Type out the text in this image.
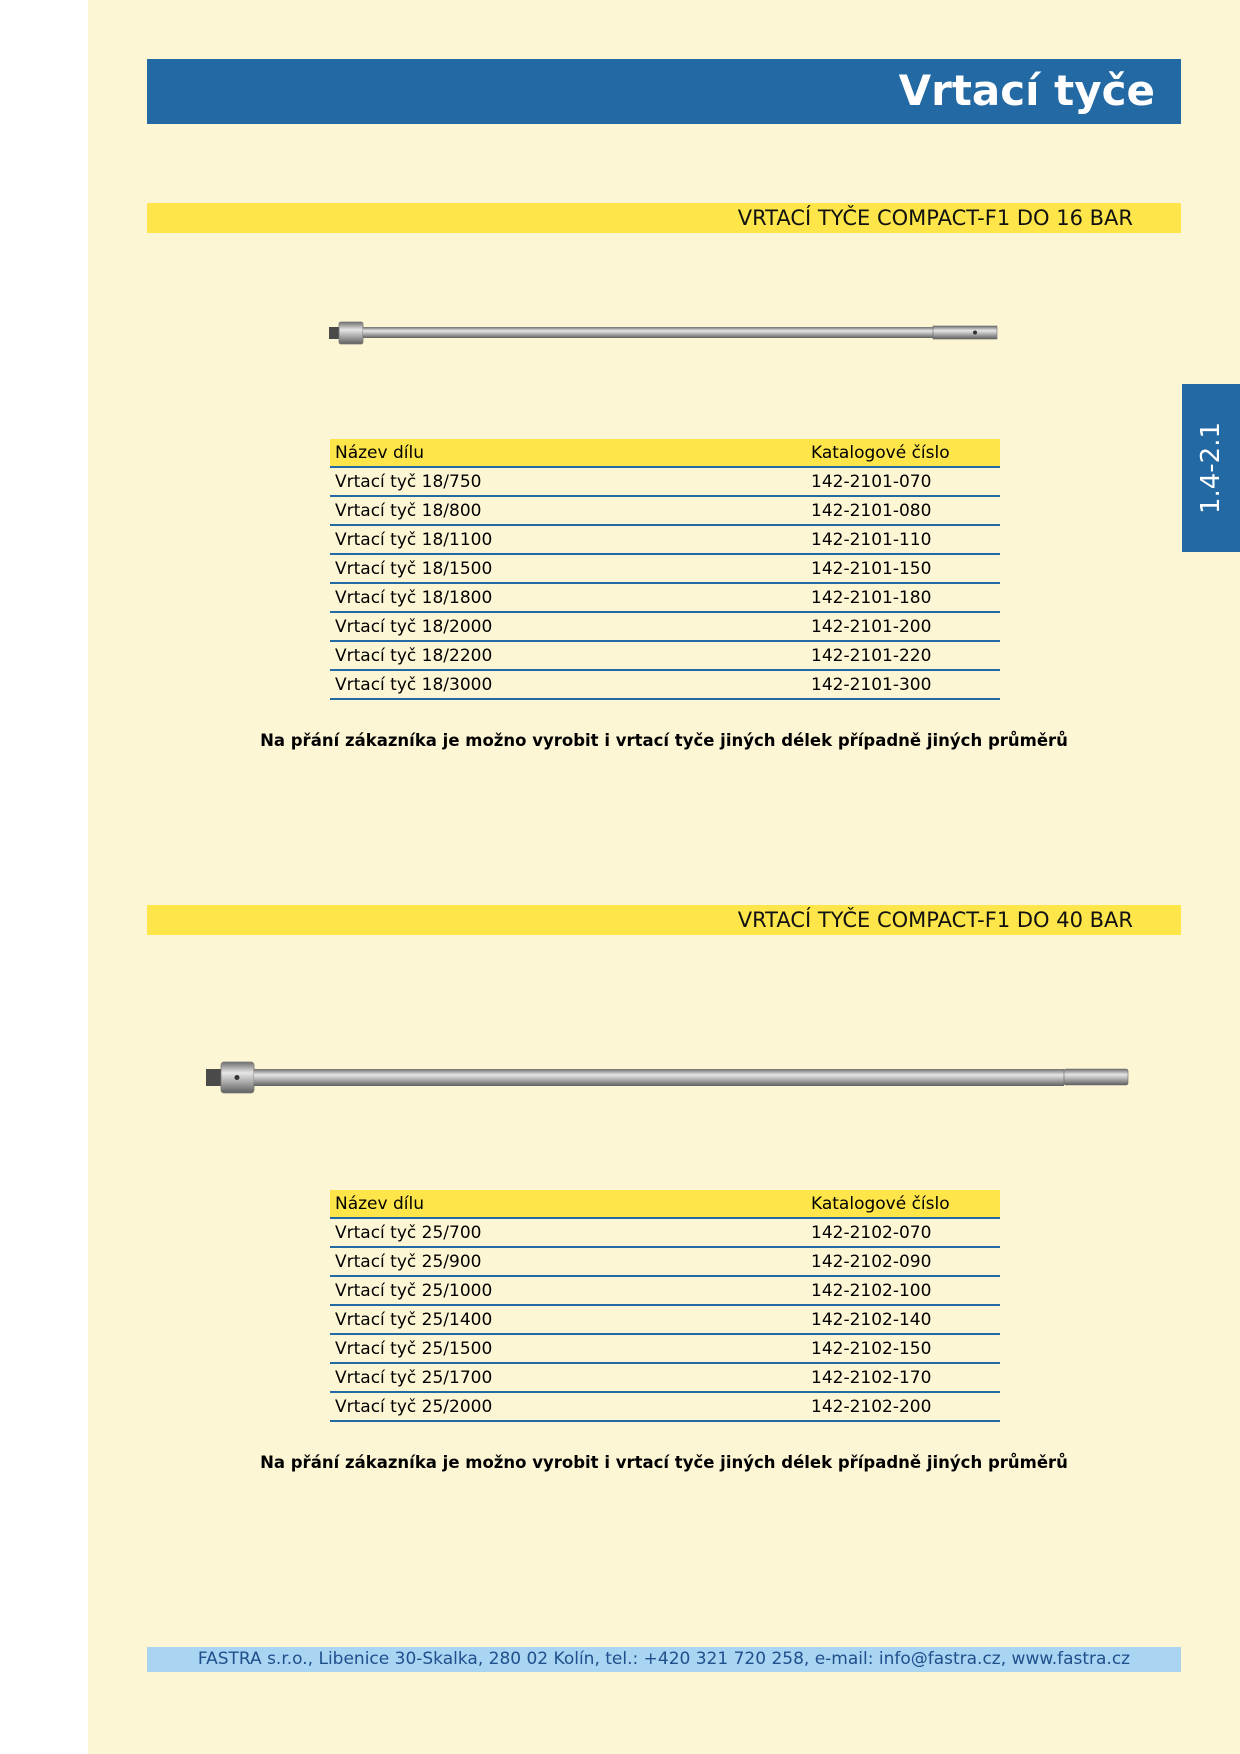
Vrtací tyče
1.4-2.1
VRTACÍ TYČE COMPACT-F1 DO 16 BAR
Název dílu	Katalogové číslo
Vrtací tyč 18/750	142-2101-070
Vrtací tyč 18/800	142-2101-080
Vrtací tyč 18/1100	142-2101-110
Vrtací tyč 18/1500	142-2101-150
Vrtací tyč 18/1800	142-2101-180
Vrtací tyč 18/2000	142-2101-200
Vrtací tyč 18/2200	142-2101-220
Vrtací tyč 18/3000	142-2101-300
Na přání zákazníka je možno vyrobit i vrtací tyče jiných délek případně jiných průměrů
VRTACÍ TYČE COMPACT-F1 DO 40 BAR
Název dílu	Katalogové číslo
Vrtací tyč 25/700	142-2102-070
Vrtací tyč 25/900	142-2102-090
Vrtací tyč 25/1000	142-2102-100
Vrtací tyč 25/1400	142-2102-140
Vrtací tyč 25/1500	142-2102-150
Vrtací tyč 25/1700	142-2102-170
Vrtací tyč 25/2000	142-2102-200
Na přání zákazníka je možno vyrobit i vrtací tyče jiných délek případně jiných průměrů
FASTRA s.r.o., Libenice 30-Skalka, 280 02 Kolín, tel.: +420 321 720 258, e-mail: info@fastra.cz, www.fastra.cz
